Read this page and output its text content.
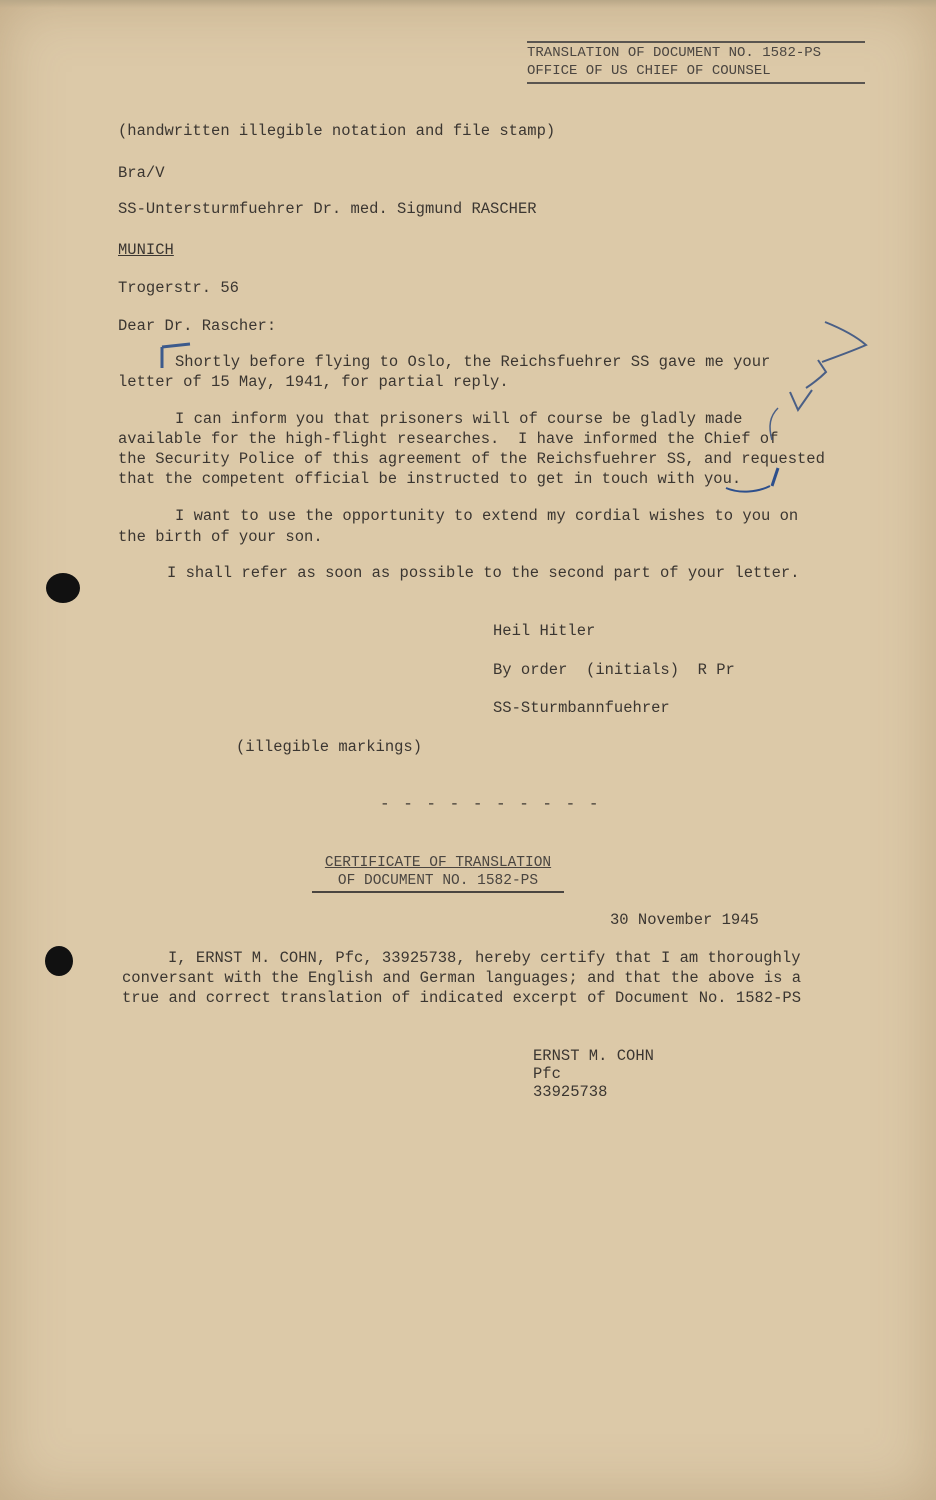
TRANSLATION OF DOCUMENT NO. 1582-PS
OFFICE OF US CHIEF OF COUNSEL
(handwritten illegible notation and file stamp)
Bra/V
SS-Untersturmfuehrer Dr. med. Sigmund RASCHER
MUNICH
Trogerstr. 56
Dear Dr. Rascher:
Shortly before flying to Oslo, the Reichsfuehrer SS gave me your
letter of 15 May, 1941, for partial reply.
I can inform you that prisoners will of course be gladly made
available for the high-flight researches.  I have informed the Chief of
the Security Police of this agreement of the Reichsfuehrer SS, and requested
that the competent official be instructed to get in touch with you.
I want to use the opportunity to extend my cordial wishes to you on
the birth of your son.
I shall refer as soon as possible to the second part of your letter.
Heil Hitler
By order  (initials)  R Pr
SS-Sturmbannfuehrer
(illegible markings)
- - - - - - - - - -
CERTIFICATE OF TRANSLATION
OF DOCUMENT NO. 1582-PS
30 November 1945
I, ERNST M. COHN, Pfc, 33925738, hereby certify that I am thoroughly
conversant with the English and German languages; and that the above is a
true and correct translation of indicated excerpt of Document No. 1582-PS
ERNST M. COHN
Pfc
33925738
